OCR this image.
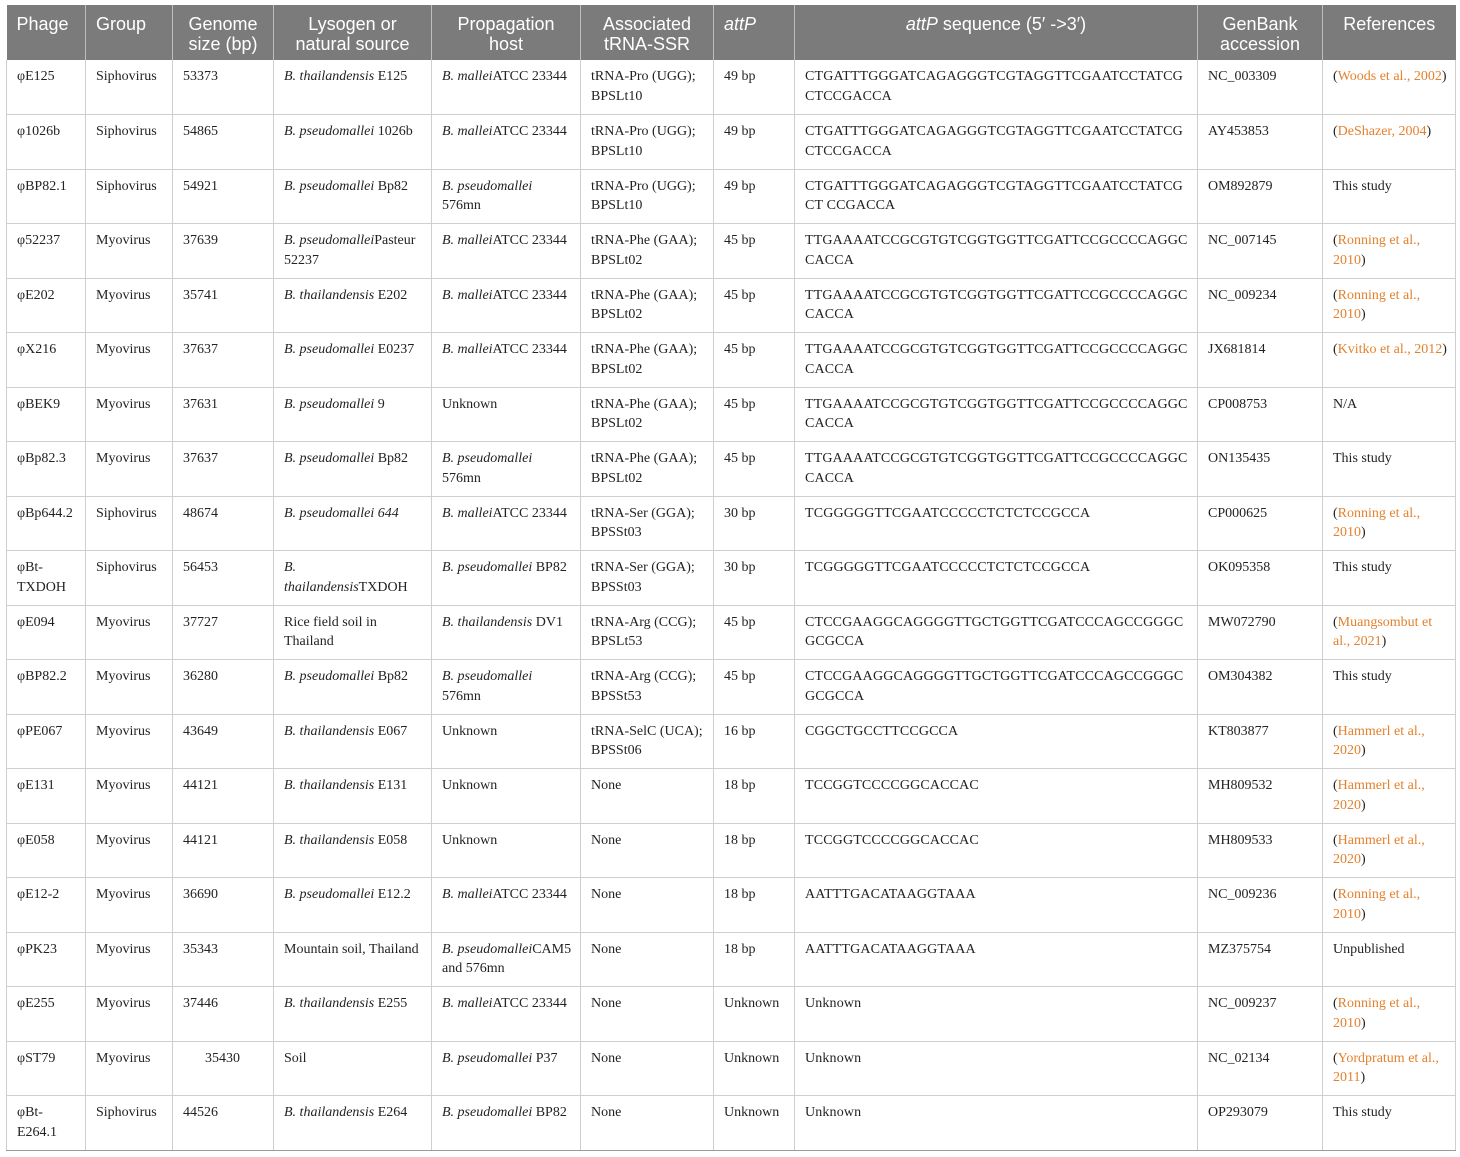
Phage	Group	Genome size (bp)	Lysogen or natural source	Propagation host	Associated tRNA-SSR	attP	attP sequence (5′ ->3′)	GenBank accession	References
φE125	Siphovirus	53373	B. thailandensis E125	B. malleiATCC 23344	tRNA-Pro (UGG); BPSLt10	49 bp	CTGATTTGGGATCAGAGGGTCGTAGGTTCGAATCCTATCGCTCCGACCA	NC_003309	(Woods et al., 2002)
φ1026b	Siphovirus	54865	B. pseudomallei 1026b	B. malleiATCC 23344	tRNA-Pro (UGG); BPSLt10	49 bp	CTGATTTGGGATCAGAGGGTCGTAGGTTCGAATCCTATCGCTCCGACCA	AY453853	(DeShazer, 2004)
φBP82.1	Siphovirus	54921	B. pseudomallei Bp82	B. pseudomallei 576mn	tRNA-Pro (UGG); BPSLt10	49 bp	CTGATTTGGGATCAGAGGGTCGTAGGTTCGAATCCTATCGCT CCGACCA	OM892879	This study
φ52237	Myovirus	37639	B. pseudomalleiPasteur 52237	B. malleiATCC 23344	tRNA-Phe (GAA); BPSLt02	45 bp	TTGAAAATCCGCGTGTCGGTGGTTCGATTCCGCCCCAGGCCACCA	NC_007145	(Ronning et al., 2010)
φE202	Myovirus	35741	B. thailandensis E202	B. malleiATCC 23344	tRNA-Phe (GAA); BPSLt02	45 bp	TTGAAAATCCGCGTGTCGGTGGTTCGATTCCGCCCCAGGCCACCA	NC_009234	(Ronning et al., 2010)
φX216	Myovirus	37637	B. pseudomallei E0237	B. malleiATCC 23344	tRNA-Phe (GAA); BPSLt02	45 bp	TTGAAAATCCGCGTGTCGGTGGTTCGATTCCGCCCCAGGCCACCA	JX681814	(Kvitko et al., 2012)
φBEK9	Myovirus	37631	B. pseudomallei 9	Unknown	tRNA-Phe (GAA); BPSLt02	45 bp	TTGAAAATCCGCGTGTCGGTGGTTCGATTCCGCCCCAGGCCACCA	CP008753	N/A
φBp82.3	Myovirus	37637	B. pseudomallei Bp82	B. pseudomallei 576mn	tRNA-Phe (GAA); BPSLt02	45 bp	TTGAAAATCCGCGTGTCGGTGGTTCGATTCCGCCCCAGGCCACCA	ON135435	This study
φBp644.2	Siphovirus	48674	B. pseudomallei 644	B. malleiATCC 23344	tRNA-Ser (GGA); BPSSt03	30 bp	TCGGGGGTTCGAATCCCCCTCTCTCCGCCA	CP000625	(Ronning et al., 2010)
φBt-TXDOH	Siphovirus	56453	B. thailandensisTXDOH	B. pseudomallei BP82	tRNA-Ser (GGA); BPSSt03	30 bp	TCGGGGGTTCGAATCCCCCTCTCTCCGCCA	OK095358	This study
φE094	Myovirus	37727	Rice field soil in Thailand	B. thailandensis DV1	tRNA-Arg (CCG); BPSLt53	45 bp	CTCCGAAGGCAGGGGTTGCTGGTTCGATCCCAGCCGGGCGCGCCA	MW072790	(Muangsombut et al., 2021)
φBP82.2	Myovirus	36280	B. pseudomallei Bp82	B. pseudomallei 576mn	tRNA-Arg (CCG); BPSSt53	45 bp	CTCCGAAGGCAGGGGTTGCTGGTTCGATCCCAGCCGGGCGCGCCA	OM304382	This study
φPE067	Myovirus	43649	B. thailandensis E067	Unknown	tRNA-SelC (UCA); BPSSt06	16 bp	CGGCTGCCTTCCGCCA	KT803877	(Hammerl et al., 2020)
φE131	Myovirus	44121	B. thailandensis E131	Unknown	None	18 bp	TCCGGTCCCCGGCACCAC	MH809532	(Hammerl et al., 2020)
φE058	Myovirus	44121	B. thailandensis E058	Unknown	None	18 bp	TCCGGTCCCCGGCACCAC	MH809533	(Hammerl et al., 2020)
φE12-2	Myovirus	36690	B. pseudomallei E12.2	B. malleiATCC 23344	None	18 bp	AATTTGACATAAGGTAAA	NC_009236	(Ronning et al., 2010)
φPK23	Myovirus	35343	Mountain soil, Thailand	B. pseudomalleiCAM5 and 576mn	None	18 bp	AATTTGACATAAGGTAAA	MZ375754	Unpublished
φE255	Myovirus	37446	B. thailandensis E255	B. malleiATCC 23344	None	Unknown	Unknown	NC_009237	(Ronning et al., 2010)
φST79	Myovirus	35430	Soil	B. pseudomallei P37	None	Unknown	Unknown	NC_02134	(Yordpratum et al., 2011)
φBt-E264.1	Siphovirus	44526	B. thailandensis E264	B. pseudomallei BP82	None	Unknown	Unknown	OP293079	This study
